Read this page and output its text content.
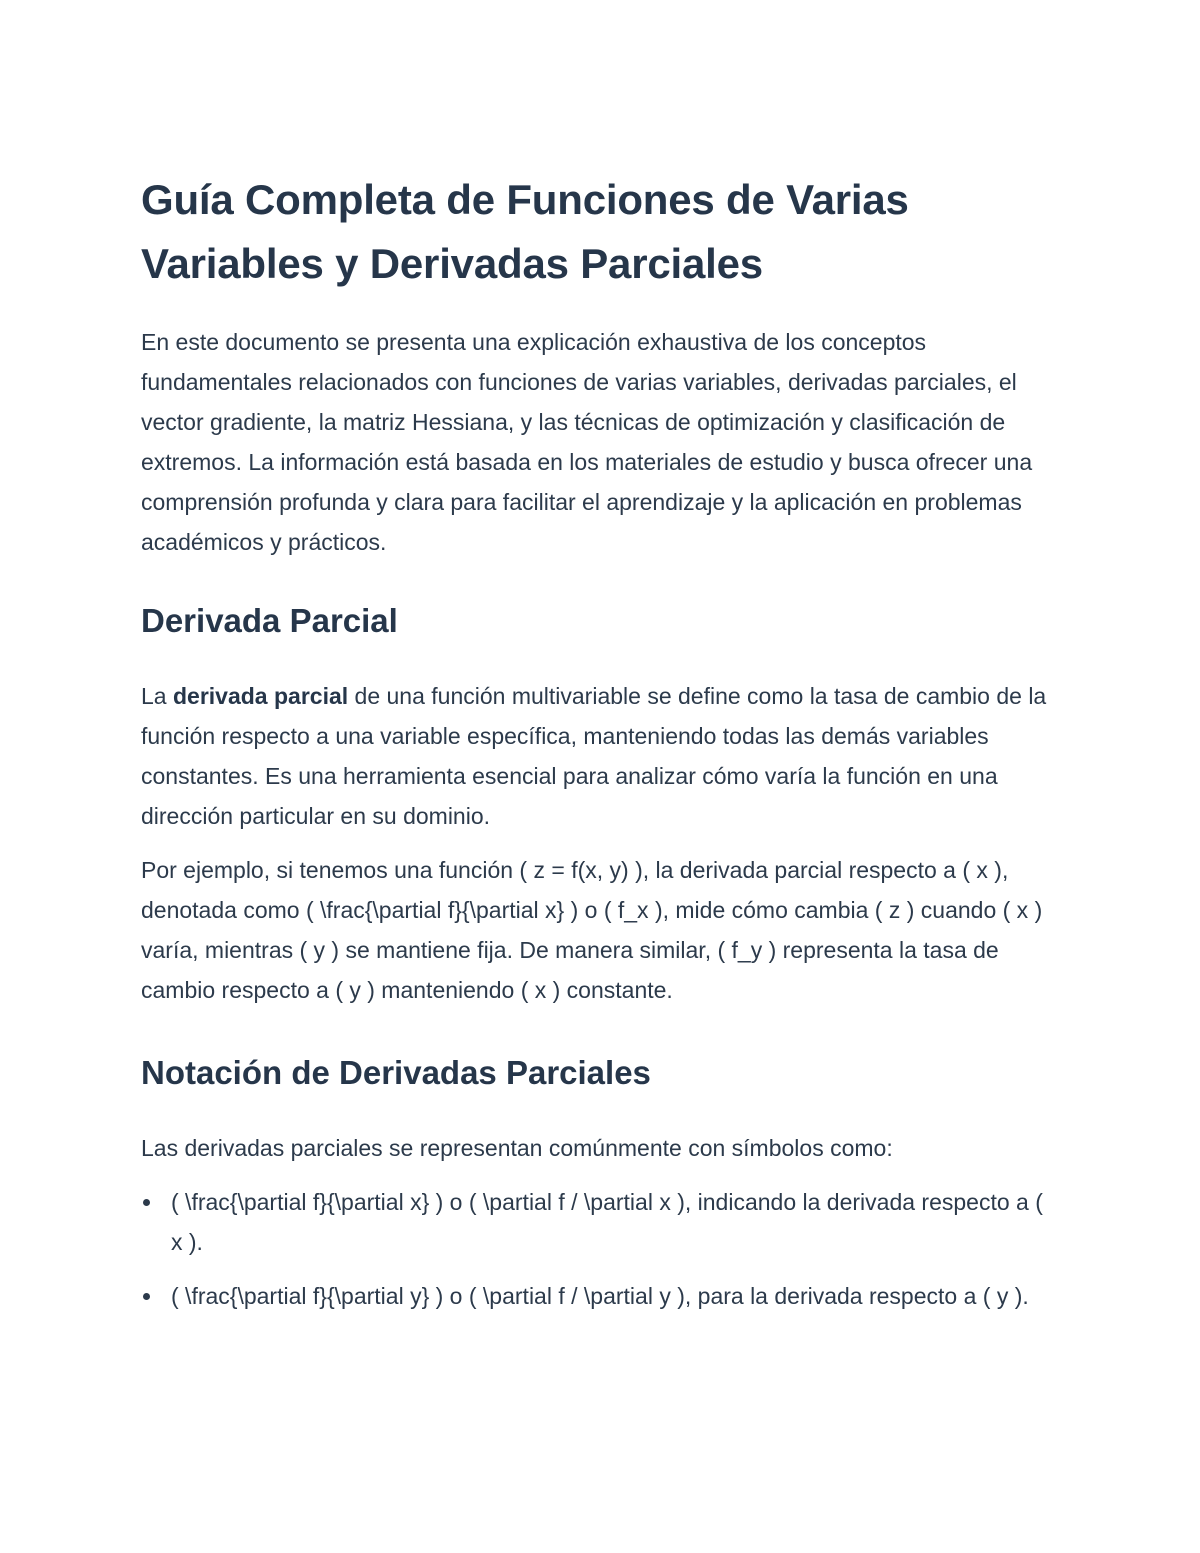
Guía Completa de Funciones de Varias Variables y Derivadas Parciales

En este documento se presenta una explicación exhaustiva de los conceptos fundamentales relacionados con funciones de varias variables, derivadas parciales, el vector gradiente, la matriz Hessiana, y las técnicas de optimización y clasificación de extremos. La información está basada en los materiales de estudio y busca ofrecer una comprensión profunda y clara para facilitar el aprendizaje y la aplicación en problemas académicos y prácticos.

Derivada Parcial

La derivada parcial de una función multivariable se define como la tasa de cambio de la función respecto a una variable específica, manteniendo todas las demás variables constantes. Es una herramienta esencial para analizar cómo varía la función en una dirección particular en su dominio.

Por ejemplo, si tenemos una función ( z = f(x, y) ), la derivada parcial respecto a ( x ), denotada como ( \frac{\partial f}{\partial x} ) o ( f_x ), mide cómo cambia ( z ) cuando ( x ) varía, mientras ( y ) se mantiene fija. De manera similar, ( f_y ) representa la tasa de cambio respecto a ( y ) manteniendo ( x ) constante.

Notación de Derivadas Parciales

Las derivadas parciales se representan comúnmente con símbolos como:

( \frac{\partial f}{\partial x} ) o ( \partial f / \partial x ), indicando la derivada respecto a ( x ).
( \frac{\partial f}{\partial y} ) o ( \partial f / \partial y ), para la derivada respecto a ( y ).
